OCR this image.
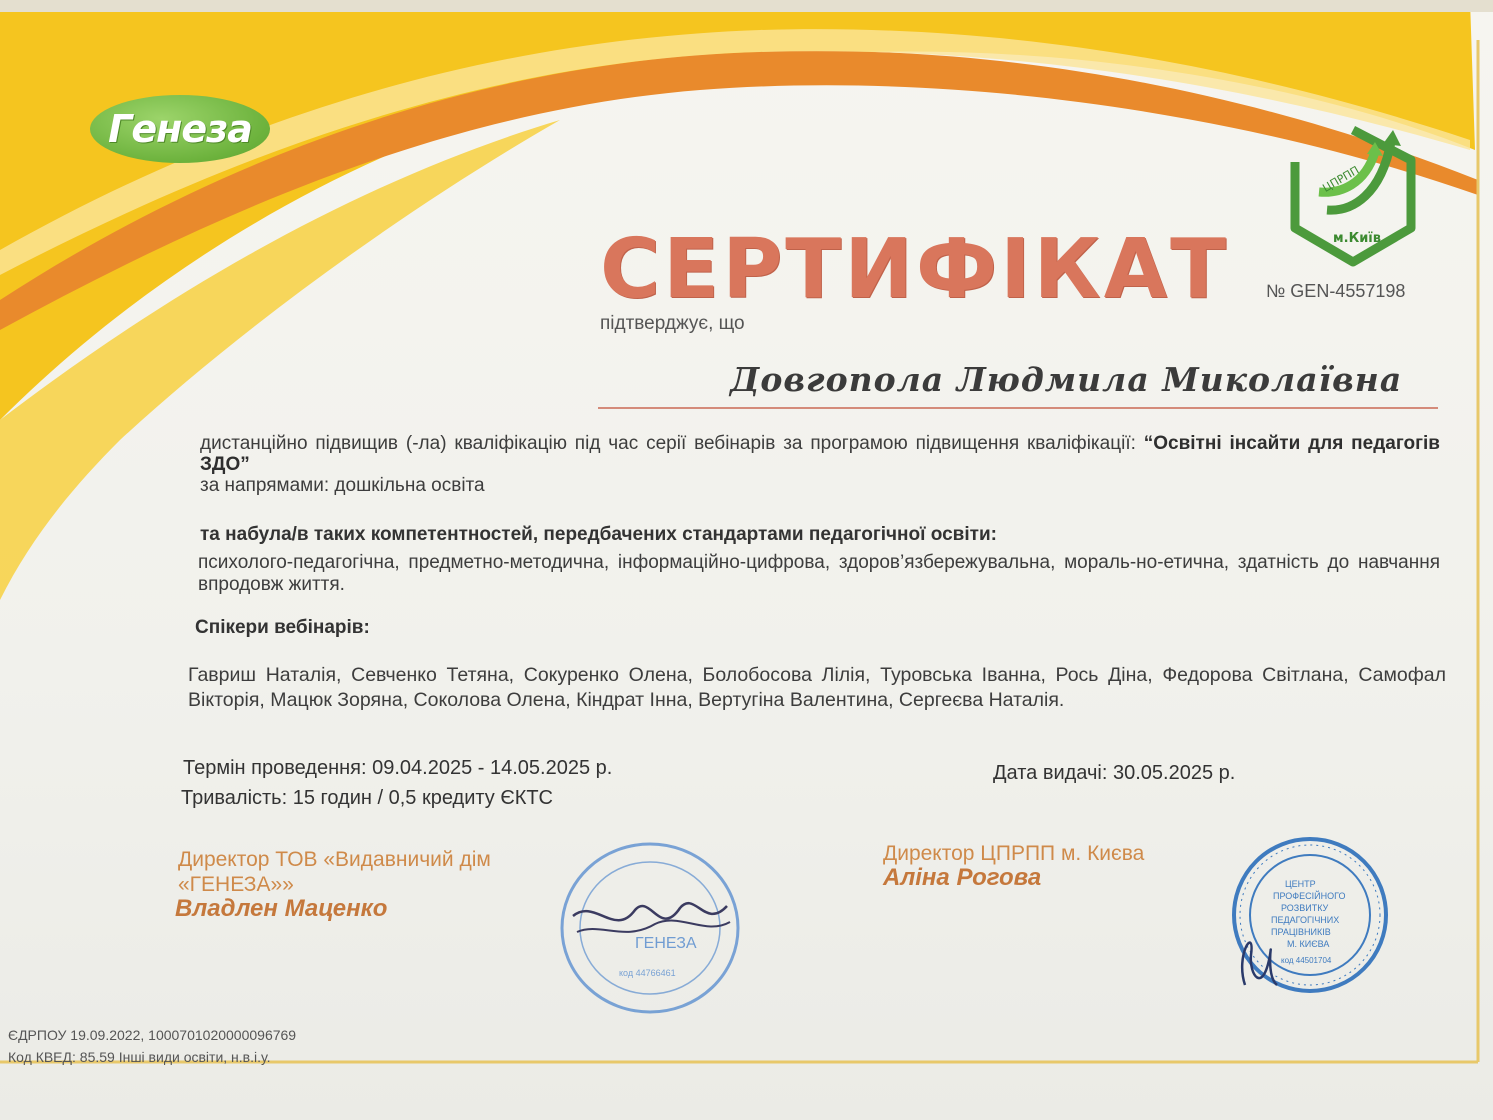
Генеза
ЦПРПП
м.Київ
СЕРТИФІКАТ № GEN-4557198
підтверджує, що
Довгопола Людмила Миколаївна

дистанційно підвищив (-ла) кваліфікацію під час серії вебінарів за програмою підвищення кваліфікації: “Освітні інсайти для педагогів ЗДО”

за напрямами: дошкільна освіта
та набула/в таких компетентностей, передбачених стандартами педагогічної освіти:

психолого-педагогічна, предметно-методична, інформаційно-цифрова, здоров’язбережувальна, мораль-но-етична, здатність до навчання впродовж життя.

Спікери вебінарів:

Гавриш Наталія, Севченко Тетяна, Сокуренко Олена, Болобосова Лілія, Туровська Іванна, Рось Діна, Федорова Світлана, Самофал Вікторія, Мацюк Зоряна, Соколова Олена, Кіндрат Інна, Вертугіна Валентина, Сергеєва Наталія.

Термін проведення: 09.04.2025 - 14.05.2025 р.
Тривалість: 15 годин / 0,5 кредиту ЄКТС
Дата видачі: 30.05.2025 р.
Директор ТОВ «Видавничий дім «ГЕНЕЗА»»
Владлен Маценко
Директор ЦПРПП м. Києва
Аліна Рогова
ГЕНЕЗА
код 44766461
ЦЕНТР
ПРОФЕСІЙНОГО
РОЗВИТКУ
ПЕДАГОГІЧНИХ
ПРАЦІВНИКІВ
М. КИЄВА
код 44501704
ЄДРПОУ 19.09.2022, 1000701020000096769
Код КВЕД: 85.59 Інші види освіти, н.в.і.у.
